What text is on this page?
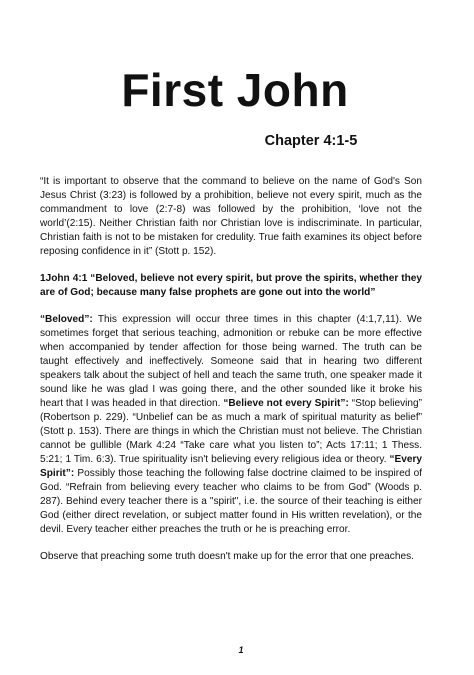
First John
Chapter 4:1-5

“It is important to observe that the command to believe on the name of God's Son Jesus Christ (3:23) is followed by a prohibition, believe not every spirit, much as the commandment to love (2:7-8) was followed by the prohibition, ‘love not the world’(2:15). Neither Christian faith nor Christian love is indiscriminate. In particular, Christian faith is not to be mistaken for credulity. True faith examines its object before reposing confidence in it” (Stott p. 152).

1John 4:1 “Beloved, believe not every spirit, but prove the spirits, whether they are of God; because many false prophets are gone out into the world”

“Beloved”: This expression will occur three times in this chapter (4:1,7,11). We sometimes forget that serious teaching, admonition or rebuke can be more effective when accompanied by tender affection for those being warned. The truth can be taught effectively and ineffectively. Someone said that in hearing two different speakers talk about the subject of hell and teach the same truth, one speaker made it sound like he was glad I was going there, and the other sounded like it broke his heart that I was headed in that direction. “Believe not every Spirit”: “Stop believing” (Robertson p. 229). “Unbelief can be as much a mark of spiritual maturity as belief” (Stott p. 153). There are things in which the Christian must not believe. The Christian cannot be gullible (Mark 4:24 “Take care what you listen to”; Acts 17:11; 1 Thess. 5:21; 1 Tim. 6:3). True spirituality isn't believing every religious idea or theory. “Every Spirit”: Possibly those teaching the following false doctrine claimed to be inspired of God. “Refrain from believing every teacher who claims to be from God” (Woods p. 287). Behind every teacher there is a "spirit", i.e. the source of their teaching is either God (either direct revelation, or subject matter found in His written revelation), or the devil. Every teacher either preaches the truth or he is preaching error.

Observe that preaching some truth doesn't make up for the error that one preaches.

1
